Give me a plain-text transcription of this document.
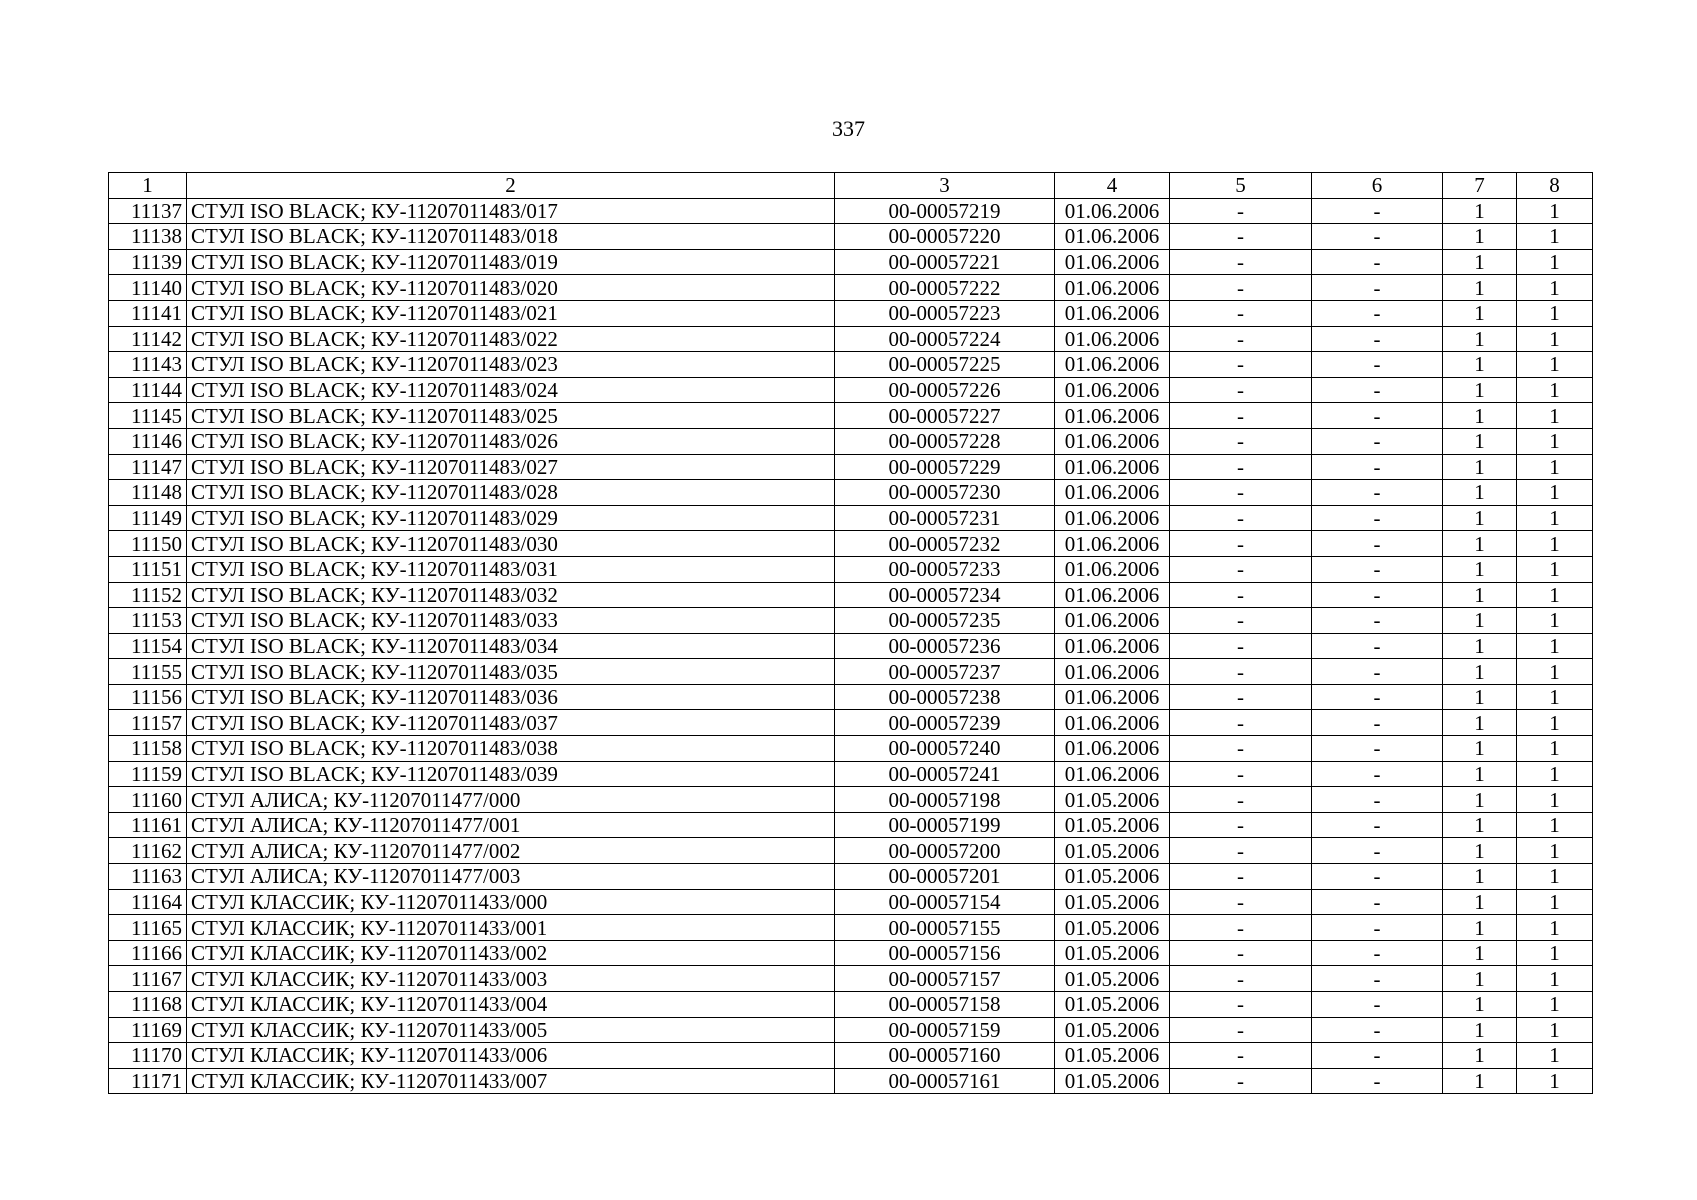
337
1	2	3	4	5	6	7	8
11137	СТУЛ ISO BLACK; КУ-11207011483/017	00-00057219	01.06.2006	-	-	1	1
11138	СТУЛ ISO BLACK; КУ-11207011483/018	00-00057220	01.06.2006	-	-	1	1
11139	СТУЛ ISO BLACK; КУ-11207011483/019	00-00057221	01.06.2006	-	-	1	1
11140	СТУЛ ISO BLACK; КУ-11207011483/020	00-00057222	01.06.2006	-	-	1	1
11141	СТУЛ ISO BLACK; КУ-11207011483/021	00-00057223	01.06.2006	-	-	1	1
11142	СТУЛ ISO BLACK; КУ-11207011483/022	00-00057224	01.06.2006	-	-	1	1
11143	СТУЛ ISO BLACK; КУ-11207011483/023	00-00057225	01.06.2006	-	-	1	1
11144	СТУЛ ISO BLACK; КУ-11207011483/024	00-00057226	01.06.2006	-	-	1	1
11145	СТУЛ ISO BLACK; КУ-11207011483/025	00-00057227	01.06.2006	-	-	1	1
11146	СТУЛ ISO BLACK; КУ-11207011483/026	00-00057228	01.06.2006	-	-	1	1
11147	СТУЛ ISO BLACK; КУ-11207011483/027	00-00057229	01.06.2006	-	-	1	1
11148	СТУЛ ISO BLACK; КУ-11207011483/028	00-00057230	01.06.2006	-	-	1	1
11149	СТУЛ ISO BLACK; КУ-11207011483/029	00-00057231	01.06.2006	-	-	1	1
11150	СТУЛ ISO BLACK; КУ-11207011483/030	00-00057232	01.06.2006	-	-	1	1
11151	СТУЛ ISO BLACK; КУ-11207011483/031	00-00057233	01.06.2006	-	-	1	1
11152	СТУЛ ISO BLACK; КУ-11207011483/032	00-00057234	01.06.2006	-	-	1	1
11153	СТУЛ ISO BLACK; КУ-11207011483/033	00-00057235	01.06.2006	-	-	1	1
11154	СТУЛ ISO BLACK; КУ-11207011483/034	00-00057236	01.06.2006	-	-	1	1
11155	СТУЛ ISO BLACK; КУ-11207011483/035	00-00057237	01.06.2006	-	-	1	1
11156	СТУЛ ISO BLACK; КУ-11207011483/036	00-00057238	01.06.2006	-	-	1	1
11157	СТУЛ ISO BLACK; КУ-11207011483/037	00-00057239	01.06.2006	-	-	1	1
11158	СТУЛ ISO BLACK; КУ-11207011483/038	00-00057240	01.06.2006	-	-	1	1
11159	СТУЛ ISO BLACK; КУ-11207011483/039	00-00057241	01.06.2006	-	-	1	1
11160	СТУЛ АЛИСА; КУ-11207011477/000	00-00057198	01.05.2006	-	-	1	1
11161	СТУЛ АЛИСА; КУ-11207011477/001	00-00057199	01.05.2006	-	-	1	1
11162	СТУЛ АЛИСА; КУ-11207011477/002	00-00057200	01.05.2006	-	-	1	1
11163	СТУЛ АЛИСА; КУ-11207011477/003	00-00057201	01.05.2006	-	-	1	1
11164	СТУЛ КЛАССИК; КУ-11207011433/000	00-00057154	01.05.2006	-	-	1	1
11165	СТУЛ КЛАССИК; КУ-11207011433/001	00-00057155	01.05.2006	-	-	1	1
11166	СТУЛ КЛАССИК; КУ-11207011433/002	00-00057156	01.05.2006	-	-	1	1
11167	СТУЛ КЛАССИК; КУ-11207011433/003	00-00057157	01.05.2006	-	-	1	1
11168	СТУЛ КЛАССИК; КУ-11207011433/004	00-00057158	01.05.2006	-	-	1	1
11169	СТУЛ КЛАССИК; КУ-11207011433/005	00-00057159	01.05.2006	-	-	1	1
11170	СТУЛ КЛАССИК; КУ-11207011433/006	00-00057160	01.05.2006	-	-	1	1
11171	СТУЛ КЛАССИК; КУ-11207011433/007	00-00057161	01.05.2006	-	-	1	1
